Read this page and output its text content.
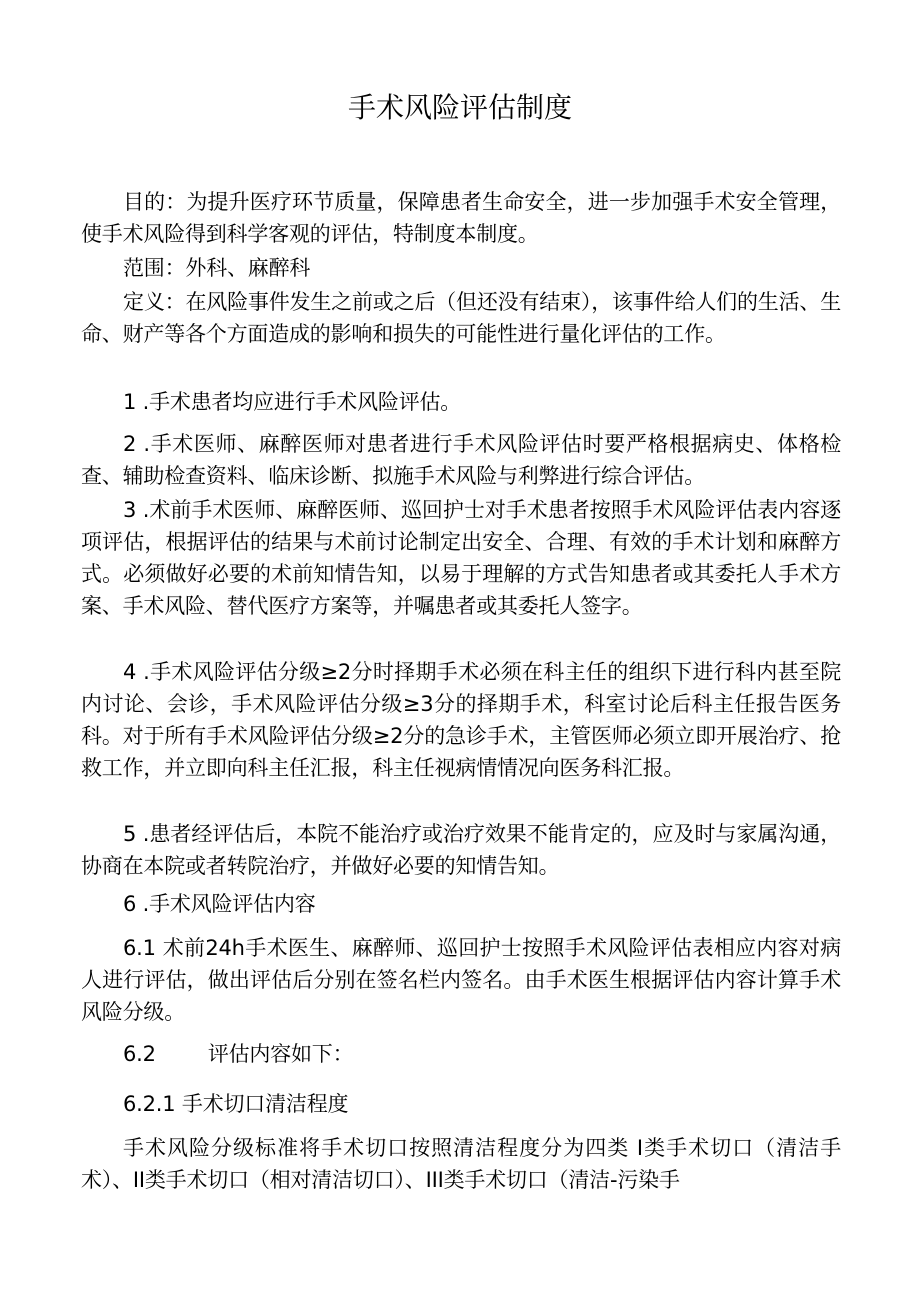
手术风险评估制度

目的：为提升医疗环节质量，保障患者生命安全，进一步加强手术安全管理，使手术风险得到科学客观的评估，特制度本制度。

范围：外科、麻醉科

定义：在风险事件发生之前或之后（但还没有结束），该事件给人们的生活、生命、财产等各个方面造成的影响和损失的可能性进行量化评估的工作。

1 .手术患者均应进行手术风险评估。

2 .手术医师、麻醉医师对患者进行手术风险评估时要严格根据病史、体格检查、辅助检查资料、临床诊断、拟施手术风险与利弊进行综合评估。

3 .术前手术医师、麻醉医师、巡回护士对手术患者按照手术风险评估表内容逐项评估，根据评估的结果与术前讨论制定出安全、合理、有效的手术计划和麻醉方式。必须做好必要的术前知情告知，以易于理解的方式告知患者或其委托人手术方案、手术风险、替代医疗方案等，并嘱患者或其委托人签字。

4 .手术风险评估分级≥2分时择期手术必须在科主任的组织下进行科内甚至院内讨论、会诊，手术风险评估分级≥3分的择期手术，科室讨论后科主任报告医务科。对于所有手术风险评估分级≥2分的急诊手术，主管医师必须立即开展治疗、抢救工作，并立即向科主任汇报，科主任视病情情况向医务科汇报。

5 .患者经评估后，本院不能治疗或治疗效果不能肯定的，应及时与家属沟通，协商在本院或者转院治疗，并做好必要的知情告知。

6 .手术风险评估内容

6.1 术前24h手术医生、麻醉师、巡回护士按照手术风险评估表相应内容对病人进行评估，做出评估后分别在签名栏内签名。由手术医生根据评估内容计算手术风险分级。

6.2 评估内容如下：

6.2.1 手术切口清洁程度

手术风险分级标准将手术切口按照清洁程度分为四类 I类手术切口（清洁手术）、II类手术切口（相对清洁切口）、III类手术切口（清洁-污染手
